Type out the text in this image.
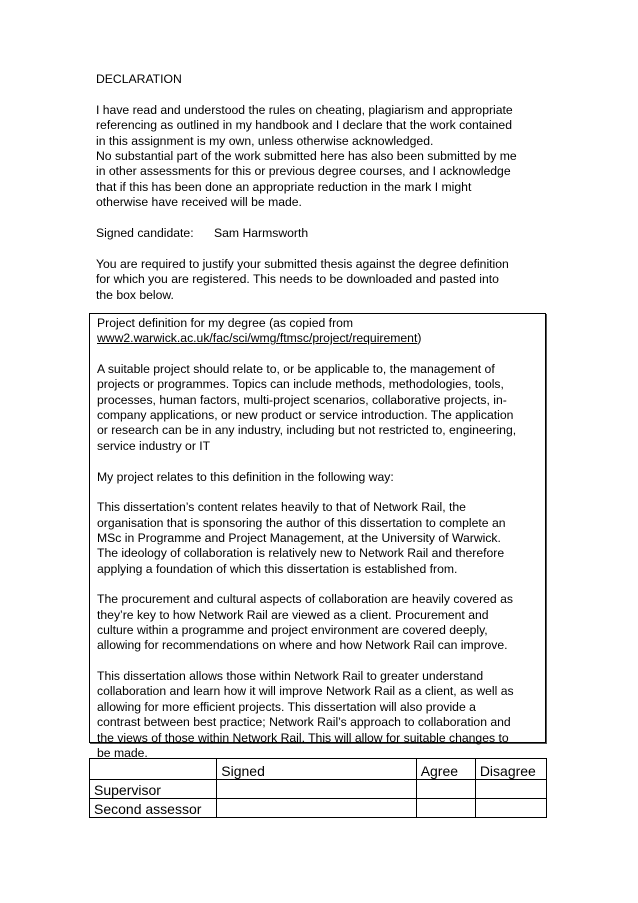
DECLARATION

I have read and understood the rules on cheating, plagiarism and appropriate

referencing as outlined in my handbook and I declare that the work contained

in this assignment is my own, unless otherwise acknowledged.

No substantial part of the work submitted here has also been submitted by me

in other assessments for this or previous degree courses, and I acknowledge

that if this has been done an appropriate reduction in the mark I might

otherwise have received will be made.

Signed candidate:	Sam Harmsworth

You are required to justify your submitted thesis against the degree definition

for which you are registered. This needs to be downloaded and pasted into

the box below.

Project definition for my degree (as copied from

www2.warwick.ac.uk/fac/sci/wmg/ftmsc/project/requirement)

A suitable project should relate to, or be applicable to, the management of

projects or programmes. Topics can include methods, methodologies, tools,

processes, human factors, multi-project scenarios, collaborative projects, in-

company applications, or new product or service introduction. The application

or research can be in any industry, including but not restricted to, engineering,

service industry or IT

My project relates to this definition in the following way:

This dissertation’s content relates heavily to that of Network Rail, the

organisation that is sponsoring the author of this dissertation to complete an

MSc in Programme and Project Management, at the University of Warwick.

The ideology of collaboration is relatively new to Network Rail and therefore

applying a foundation of which this dissertation is established from.

The procurement and cultural aspects of collaboration are heavily covered as

they’re key to how Network Rail are viewed as a client. Procurement and

culture within a programme and project environment are covered deeply,

allowing for recommendations on where and how Network Rail can improve.

This dissertation allows those within Network Rail to greater understand

collaboration and learn how it will improve Network Rail as a client, as well as

allowing for more efficient projects. This dissertation will also provide a

contrast between best practice; Network Rail’s approach to collaboration and

the views of those within Network Rail. This will allow for suitable changes to

be made.

	Signed	Agree	Disagree
Supervisor			
Second assessor			
